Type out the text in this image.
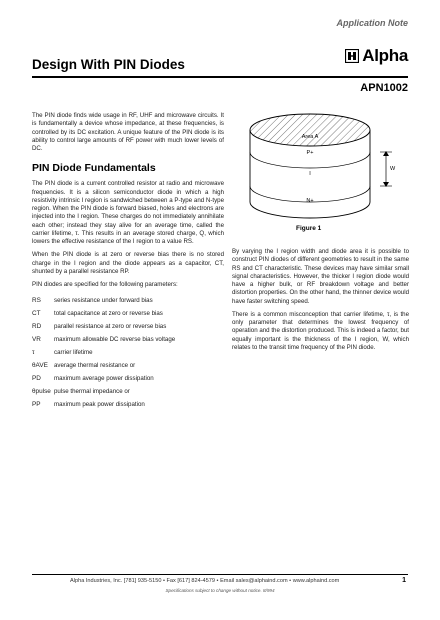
Application Note
Design With PIN Diodes	Alpha
APN1002

The PIN diode finds wide usage in RF, UHF and microwave circuits. It is fundamentally a device whose impedance, at these frequencies, is controlled by its DC excitation. A unique feature of the PIN diode is its ability to control large amounts of RF power with much lower levels of DC.

PIN Diode Fundamentals

The PIN diode is a current controlled resistor at radio and microwave frequencies. It is a silicon semiconductor diode in which a high resistivity intrinsic I region is sandwiched between a P-type and N-type region. When the PIN diode is forward biased, holes and electrons are injected into the I region. These charges do not immediately annihilate each other; instead they stay alive for an average time, called the carrier lifetime, τ. This results in an average stored charge, Q, which lowers the effective resistance of the I region to a value RS.

When the PIN diode is at zero or reverse bias there is no stored charge in the I region and the diode appears as a capacitor, CT, shunted by a parallel resistance RP.

PIN diodes are specified for the following parameters:

RS	series resistance under forward bias
CT	total capacitance at zero or reverse bias
RD	parallel resistance at zero or reverse bias
VR	maximum allowable DC reverse bias voltage
τ	carrier lifetime
θAVE average thermal resistance or
PD	maximum average power dissipation
θpulse pulse thermal impedance or
PP	maximum peak power dissipation
Area A
P+
I
N+
W
Figure 1

By varying the I region width and diode area it is possible to construct PIN diodes of different geometries to result in the same RS and CT characteristic. These devices may have similar small signal characteristics. However, the thicker I region diode would have a higher bulk, or RF breakdown voltage and better distortion properties. On the other hand, the thinner device would have faster switching speed.

There is a common misconception that carrier lifetime, τ, is the only parameter that determines the lowest frequency of operation and the distortion produced. This is indeed a factor, but equally important is the thickness of the I region, W, which relates to the transit time frequency of the PIN diode.

Alpha Industries, Inc. [781] 935-5150 • Fax [617] 824-4579 • Email sales@alphaind.com • www.alphaind.com
Specifications subject to change without notice. 8/994
1
